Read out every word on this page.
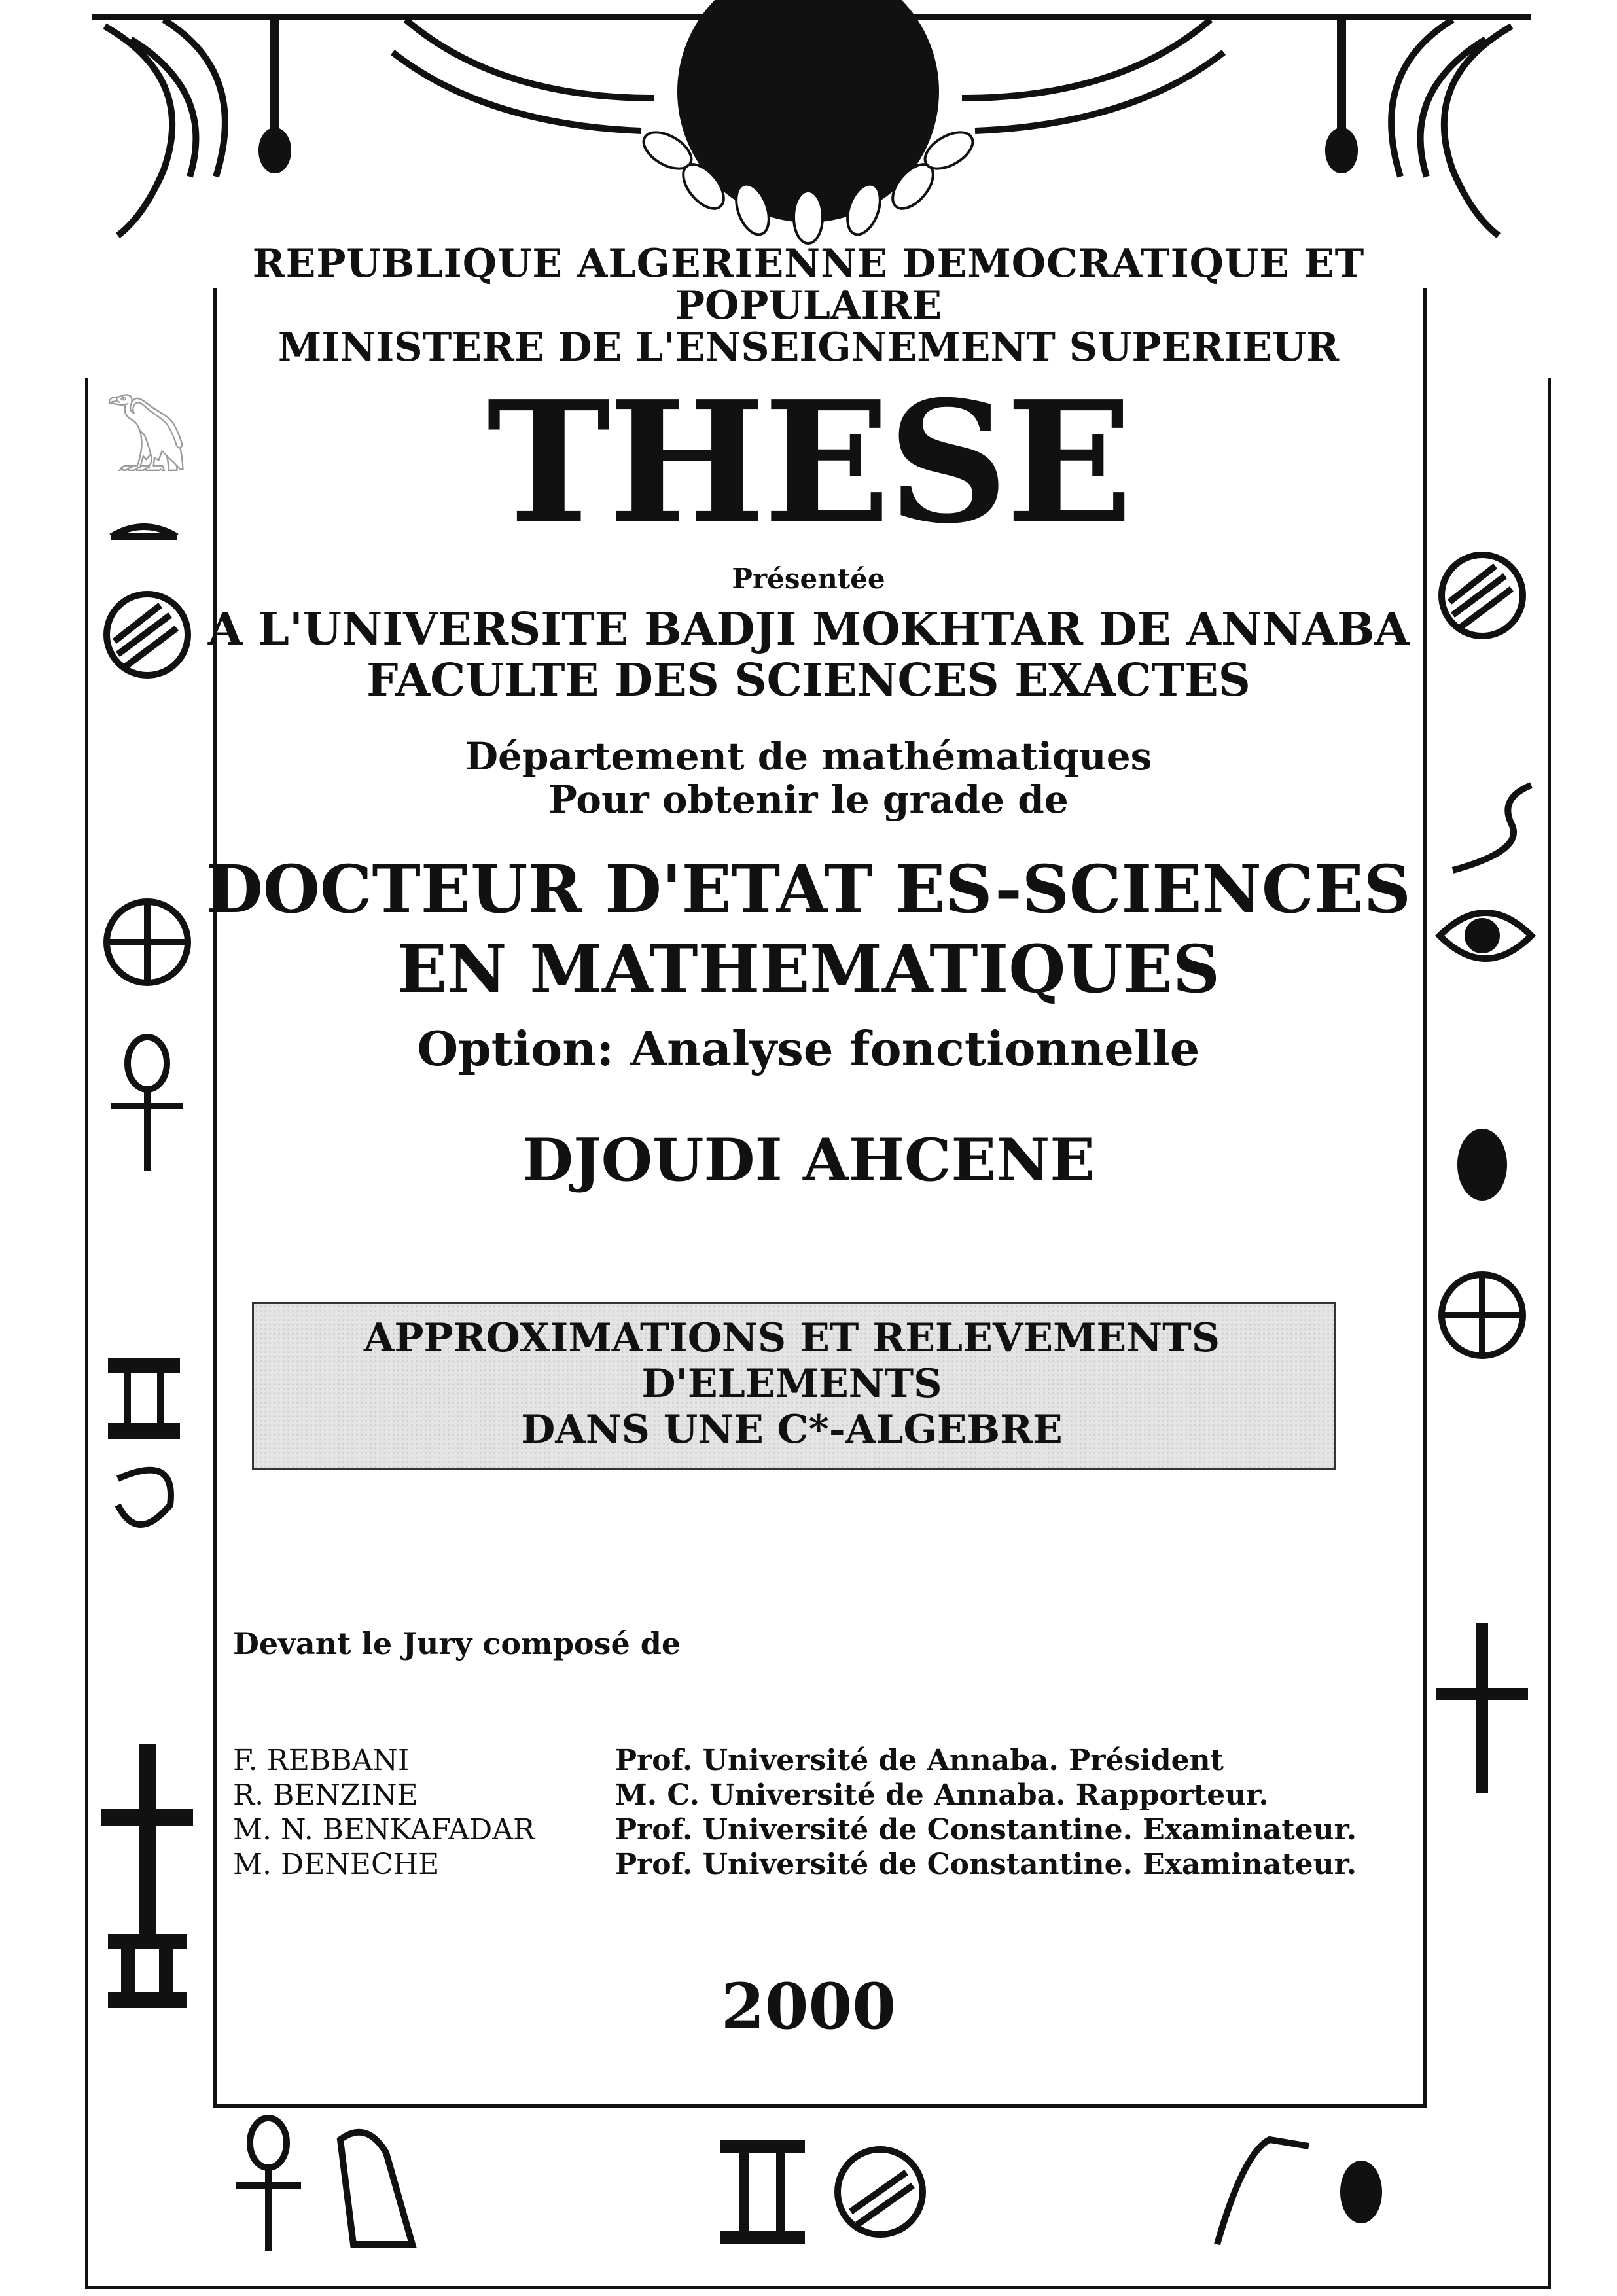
𓅐
REPUBLIQUE ALGERIENNE DEMOCRATIQUE ET
POPULAIRE
MINISTERE DE L'ENSEIGNEMENT SUPERIEUR
THESE
Présentée
A L'UNIVERSITE BADJI MOKHTAR DE ANNABA
FACULTE DES SCIENCES EXACTES
Département de mathématiques
Pour obtenir le grade de
DOCTEUR D'ETAT ES-SCIENCES
EN MATHEMATIQUES
Option: Analyse fonctionnelle
DJOUDI AHCENE
APPROXIMATIONS ET RELEVEMENTS
D'ELEMENTS
DANS UNE C*-ALGEBRE
Devant le Jury composé de
F. REBBANI	Prof. Université de Annaba. Président
R. BENZINE	M. C. Université de Annaba. Rapporteur.
M. N. BENKAFADAR	Prof. Université de Constantine. Examinateur.
M. DENECHE	Prof. Université de Constantine. Examinateur.
2000
